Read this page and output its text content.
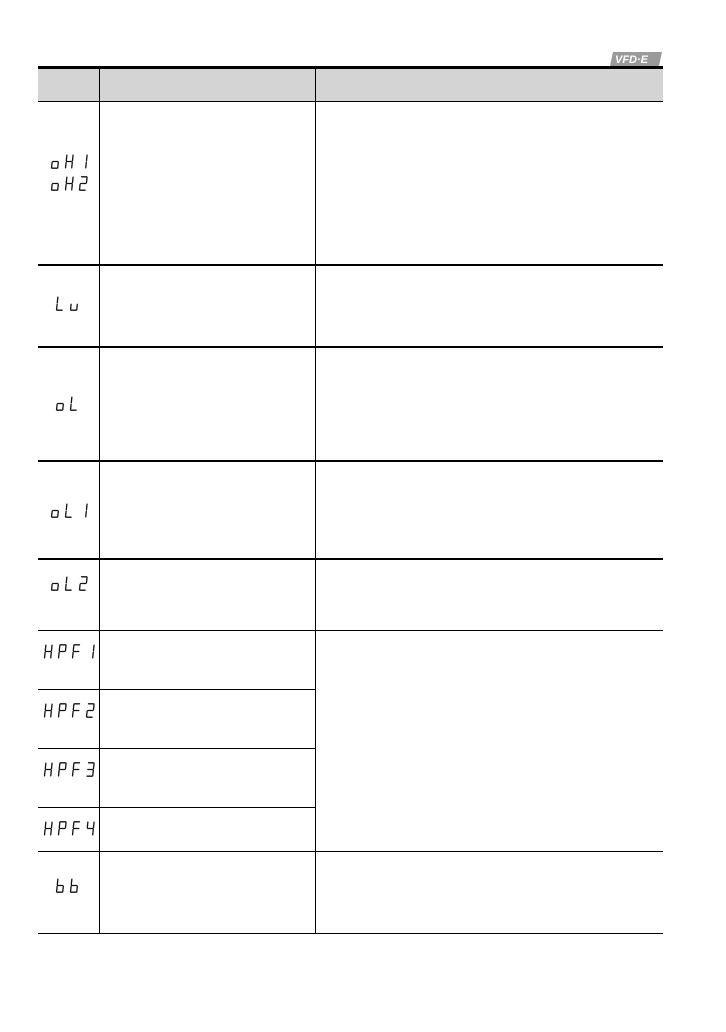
VFD·E
